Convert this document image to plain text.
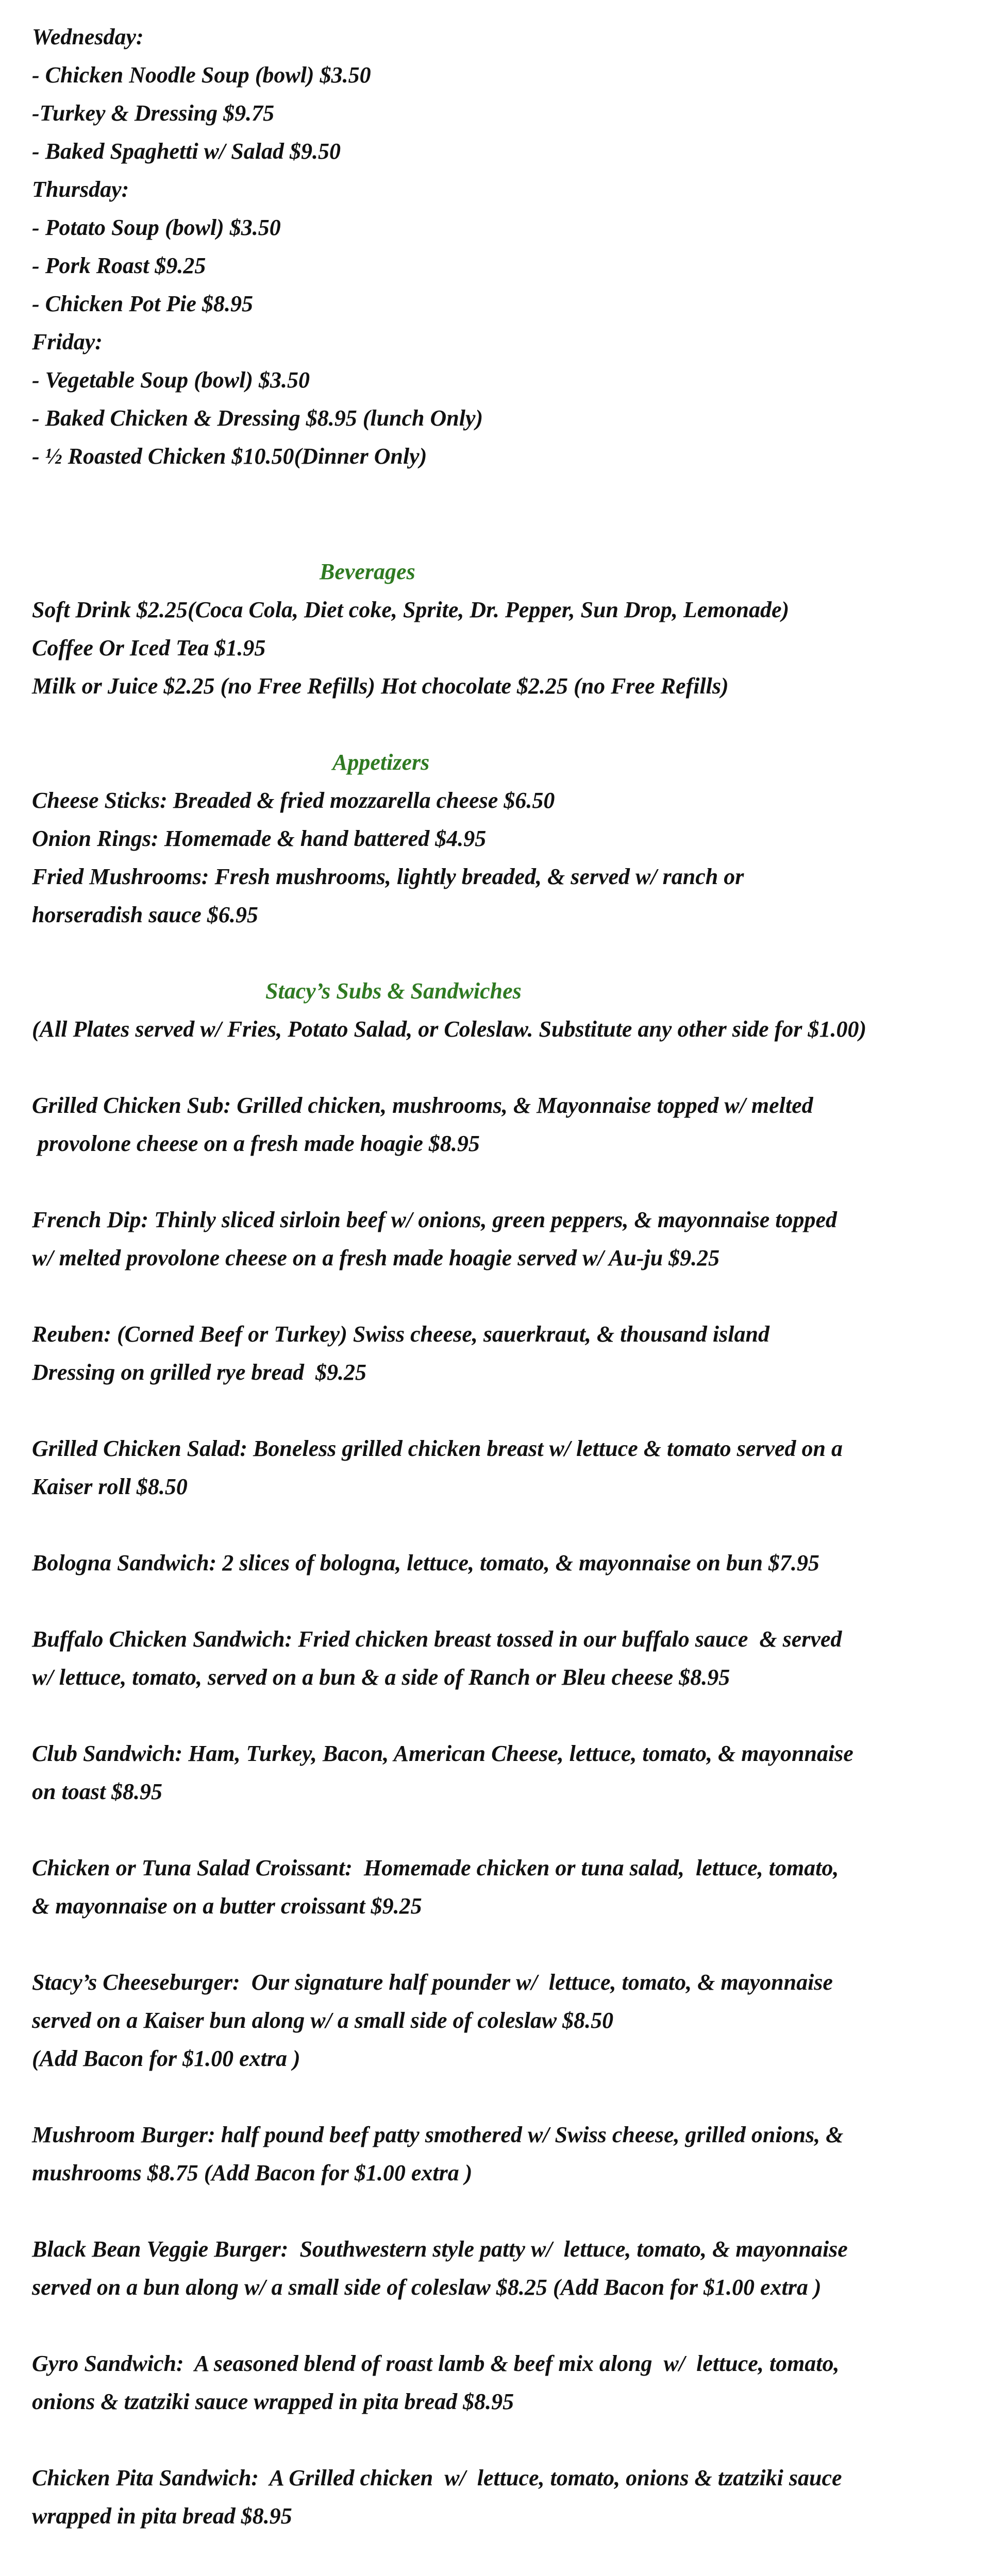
Wednesday:

- Chicken Noodle Soup (bowl) $3.50

-Turkey & Dressing $9.75

- Baked Spaghetti w/ Salad $9.50

Thursday:

- Potato Soup (bowl) $3.50

- Pork Roast $9.25

- Chicken Pot Pie $8.95

Friday:

- Vegetable Soup (bowl) $3.50

- Baked Chicken & Dressing $8.95 (lunch Only)

- ½ Roasted Chicken $10.50(Dinner Only)

Beverages

Soft Drink $2.25(Coca Cola, Diet coke, Sprite, Dr. Pepper, Sun Drop, Lemonade)

Coffee Or Iced Tea $1.95

Milk or Juice $2.25 (no Free Refills) Hot chocolate $2.25 (no Free Refills)

Appetizers

Cheese Sticks: Breaded & fried mozzarella cheese $6.50

Onion Rings: Homemade & hand battered $4.95

Fried Mushrooms: Fresh mushrooms, lightly breaded, & served w/ ranch or

horseradish sauce $6.95

Stacy’s Subs & Sandwiches

(All Plates served w/ Fries, Potato Salad, or Coleslaw. Substitute any other side for $1.00)

Grilled Chicken Sub: Grilled chicken, mushrooms, & Mayonnaise topped w/ melted

provolone cheese on a fresh made hoagie $8.95

French Dip: Thinly sliced sirloin beef w/ onions, green peppers, & mayonnaise topped

w/ melted provolone cheese on a fresh made hoagie served w/ Au-ju $9.25

Reuben: (Corned Beef or Turkey) Swiss cheese, sauerkraut, & thousand island

Dressing on grilled rye bread  $9.25

Grilled Chicken Salad: Boneless grilled chicken breast w/ lettuce & tomato served on a

Kaiser roll $8.50

Bologna Sandwich: 2 slices of bologna, lettuce, tomato, & mayonnaise on bun $7.95

Buffalo Chicken Sandwich: Fried chicken breast tossed in our buffalo sauce  & served

w/ lettuce, tomato, served on a bun & a side of Ranch or Bleu cheese $8.95

Club Sandwich: Ham, Turkey, Bacon, American Cheese, lettuce, tomato, & mayonnaise

on toast $8.95

Chicken or Tuna Salad Croissant:  Homemade chicken or tuna salad,  lettuce, tomato,

& mayonnaise on a butter croissant $9.25

Stacy’s Cheeseburger:  Our signature half pounder w/  lettuce, tomato, & mayonnaise

served on a Kaiser bun along w/ a small side of coleslaw $8.50

(Add Bacon for $1.00 extra )

Mushroom Burger: half pound beef patty smothered w/ Swiss cheese, grilled onions, &

mushrooms $8.75 (Add Bacon for $1.00 extra )

Black Bean Veggie Burger:  Southwestern style patty w/  lettuce, tomato, & mayonnaise

served on a bun along w/ a small side of coleslaw $8.25 (Add Bacon for $1.00 extra )

Gyro Sandwich:  A seasoned blend of roast lamb & beef mix along  w/  lettuce, tomato,

onions & tzatziki sauce wrapped in pita bread $8.95

Chicken Pita Sandwich:  A Grilled chicken  w/  lettuce, tomato, onions & tzatziki sauce

wrapped in pita bread $8.95
